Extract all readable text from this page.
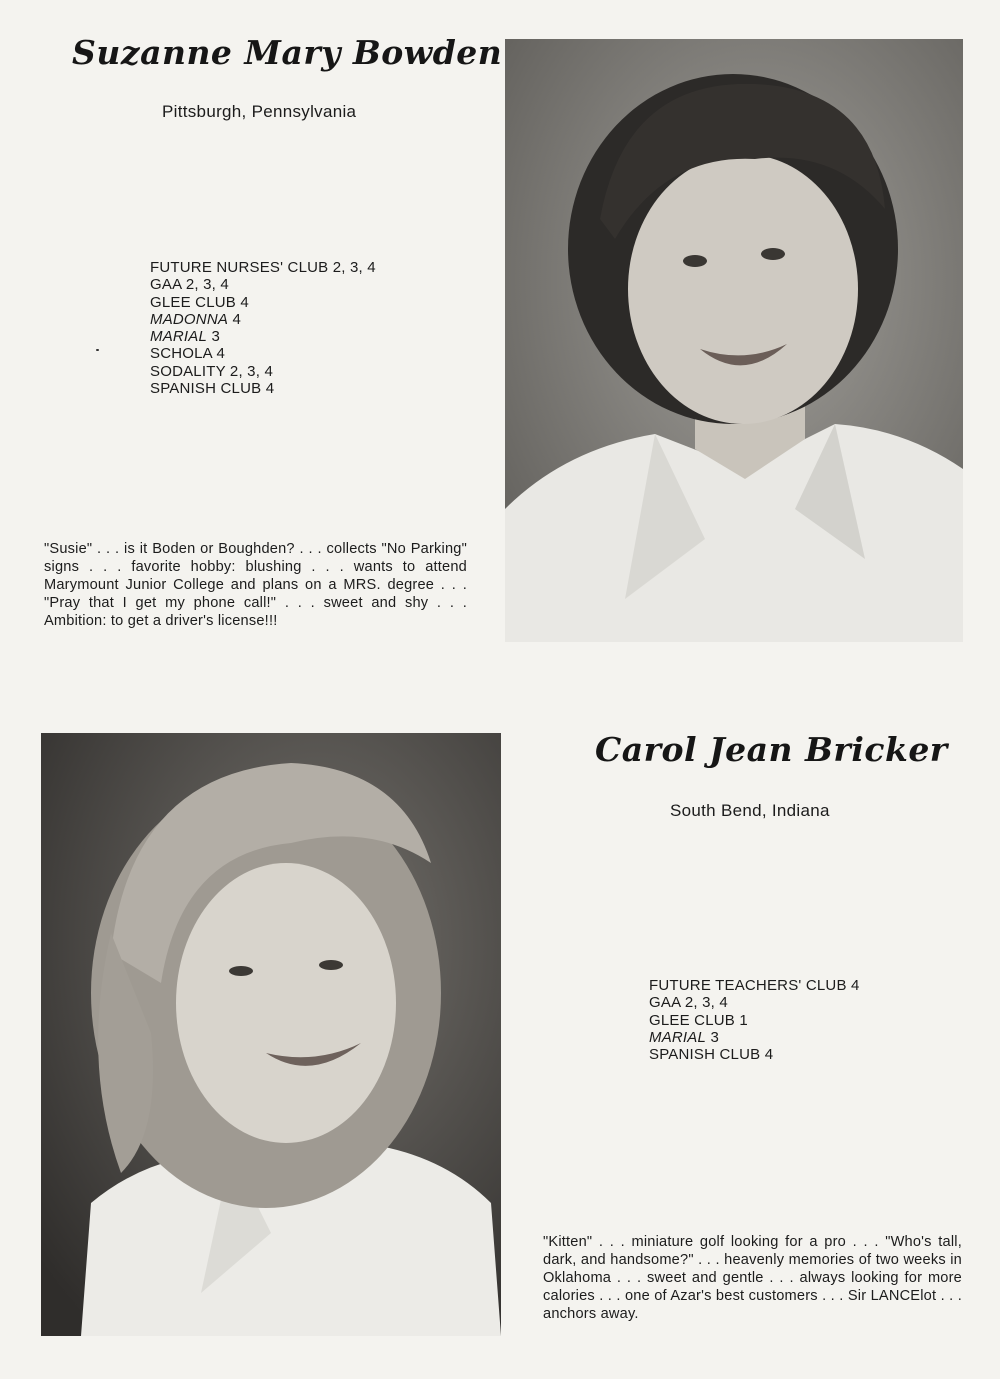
Suzanne Mary Bowden
Pittsburgh, Pennsylvania
FUTURE NURSES' CLUB 2, 3, 4
GAA 2, 3, 4
GLEE CLUB 4
MADONNA 4
MARIAL 3
SCHOLA 4
SODALITY 2, 3, 4
SPANISH CLUB 4
"Susie" . . . is it Boden or Boughden? . . . collects "No Parking" signs . . . favorite hobby: blushing . . . wants to attend Marymount Junior College and plans on a MRS. degree . . . "Pray that I get my phone call!" . . . sweet and shy . . . Ambition: to get a driver's license!!!
Carol Jean Bricker
South Bend, Indiana
FUTURE TEACHERS' CLUB 4
GAA 2, 3, 4
GLEE CLUB 1
MARIAL 3
SPANISH CLUB 4
"Kitten" . . . miniature golf looking for a pro . . . "Who's tall, dark, and handsome?" . . . heavenly memories of two weeks in Oklahoma . . . sweet and gentle . . . always looking for more calories . . . one of Azar's best customers . . . Sir LANCElot . . . anchors away.
